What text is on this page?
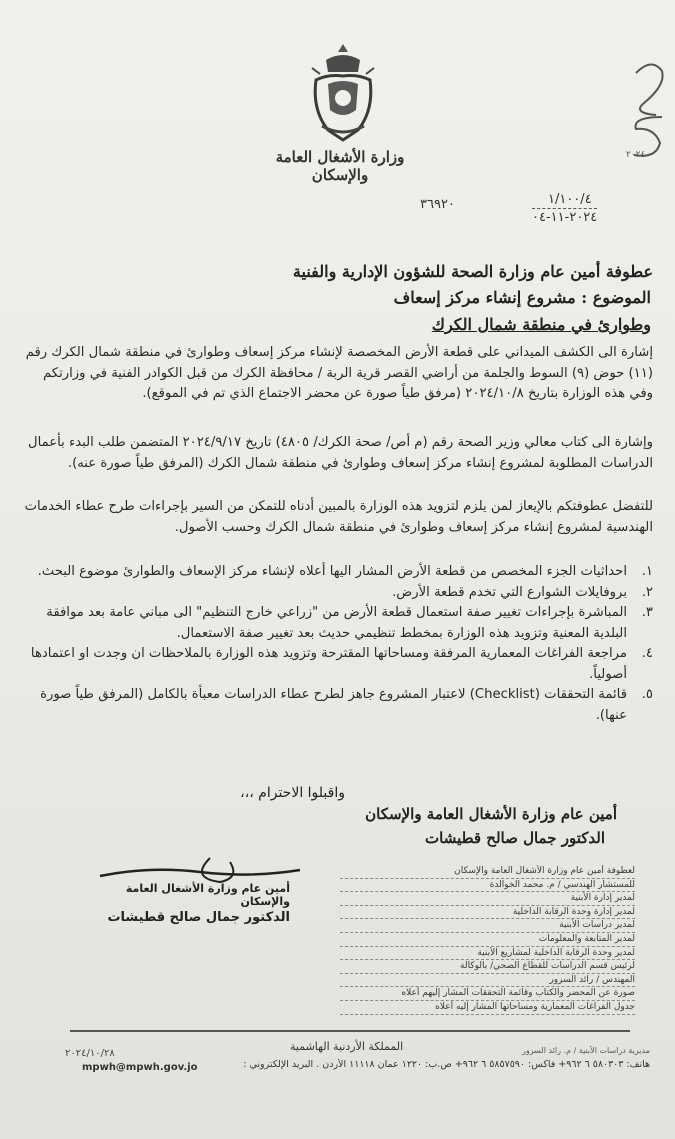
وزارة الأشغال العامة والإسكان
٢٠٢٤
٣٦٩٢٠	١/١٠٠/٤
٢٠٢٤-١١-٠٤
عطوفة أمين عام وزارة الصحة للشؤون الإدارية والفنية
الموضوع : مشروع إنشاء مركز إسعاف
وطوارئ في منطقة شمال الكرك
إشارة الى الكشف الميداني على قطعة الأرض المخصصة لإنشاء مركز إسعاف وطوارئ في منطقة شمال الكرك رقم (١١) حوض (٩) السوط والجلمة من أراضي القصر قرية الربة / محافظة الكرك من قبل الكوادر الفنية في وزارتكم وفي هذه الوزارة بتاريخ ٢٠٢٤/١٠/٨ (مرفق طياً صورة عن محضر الاجتماع الذي تم في الموقع).
وإشارة الى كتاب معالي وزير الصحة رقم (م أص/ صحة الكرك/ ٤٨٠٥) تاريخ ٢٠٢٤/٩/١٧ المتضمن طلب البدء بأعمال الدراسات المطلوبة لمشروع إنشاء مركز إسعاف وطوارئ في منطقة شمال الكرك (المرفق طياً صورة عنه).
للتفضل عطوفتكم بالإيعاز لمن يلزم لتزويد هذه الوزارة بالمبين أدناه للتمكن من السير بإجراءات طرح عطاء الخدمات الهندسية لمشروع إنشاء مركز إسعاف وطوارئ في منطقة شمال الكرك وحسب الأصول.
١.
احداثيات الجزء المخصص من قطعة الأرض المشار اليها أعلاه لإنشاء مركز الإسعاف والطوارئ موضوع البحث.
٢.
بروفايلات الشوارع التي تخدم قطعة الأرض.
٣.
المباشرة بإجراءات تغيير صفة استعمال قطعة الأرض من "زراعي خارج التنظيم" الى مباني عامة بعد موافقة البلدية المعنية وتزويد هذه الوزارة بمخطط تنظيمي حديث بعد تغيير صفة الاستعمال.
٤.
مراجعة الفراغات المعمارية المرفقة ومساحاتها المقترحة وتزويد هذه الوزارة بالملاحظات ان وجدت او اعتمادها أصولياً.
٥.
قائمة التحققات (Checklist) لاعتبار المشروع جاهز لطرح عطاء الدراسات معبأة بالكامل (المرفق طياً صورة عنها).
واقبلوا الاحترام ،،،
أمين عام وزارة الأشغال العامة والإسكان
الدكتور جمال صالح قطيشات
أمين عام وزارة الأشغال العامة والإسكان
الدكتور جمال صالح قطيشات
لعطوفة أمين عام وزارة الأشغال العامة والإسكان
للمستشار الهندسي / م. محمد الخوالدة
لمدير إدارة الأبنية
لمدير إدارة وحدة الرقابة الداخلية
لمدير دراسات الأبنية
لمدير المتابعة والمعلومات
لمدير وحدة الرقابة الداخلية لمشاريع الأبنية
لرئيس قسم الدراسات للقطاع الصحي/ بالوكالة
المهندس / رائد السرور
صورة عن المحضر والكتاب وقائمة التحققات المشار إليهم أعلاه
جدول الفراغات المعمارية ومساحاتها المشار إليه أعلاه
المملكة الأردنية الهاشمية	مديرية دراسات الأبنية / م. رائد السرور
٢٠٢٤/١٠/٢٨
mpwh@mpwh.gov.jo	هاتف: ٥٨٠٣٠٣ ٦ ٩٦٢+ فاكس: ٥٨٥٧٥٩٠ ٦ ٩٦٢+ ص.ب: ١٢٢٠ عمان ١١١١٨ الأردن . البريد الإلكتروني :
